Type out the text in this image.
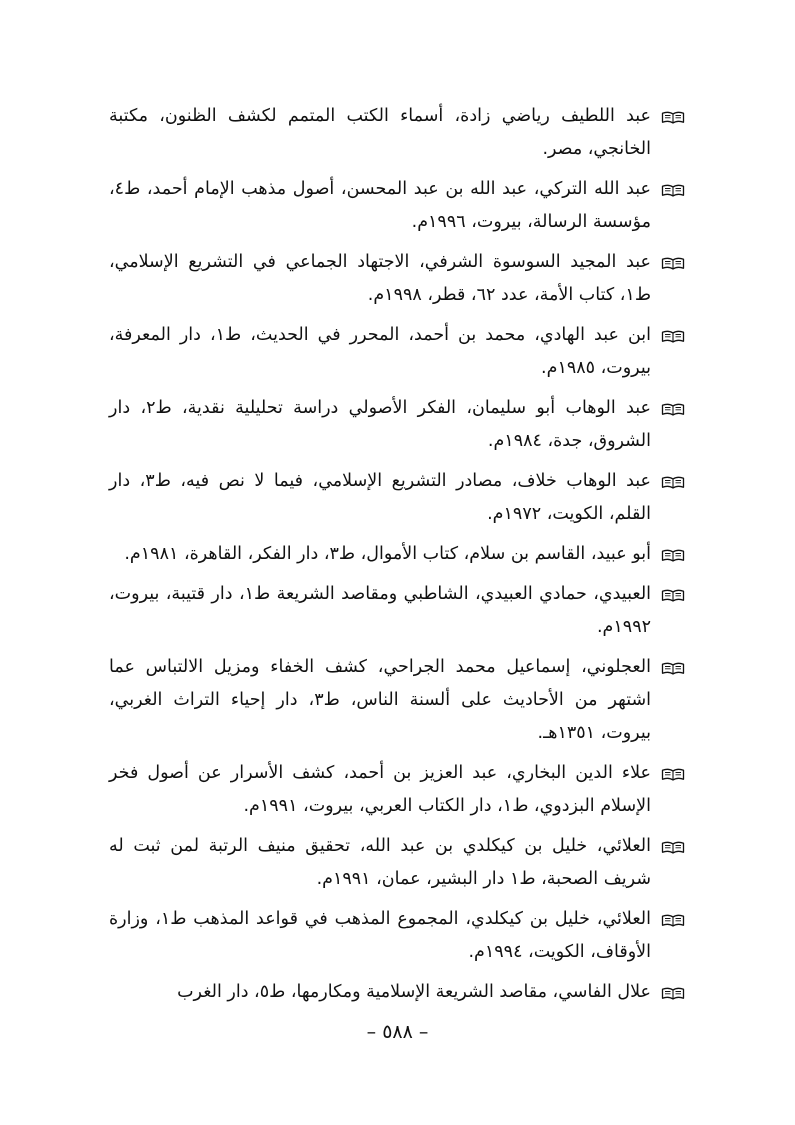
عبد اللطيف رياضي زادة، أسماء الكتب المتمم لكشف الظنون، مكتبة الخانجي، مصر.
عبد الله التركي، عبد الله بن عبد المحسن، أصول مذهب الإمام أحمد، ط٤، مؤسسة الرسالة، بيروت، ١٩٩٦م.
عبد المجيد السوسوة الشرفي، الاجتهاد الجماعي في التشريع الإسلامي، ط١، كتاب الأمة، عدد ٦٢، قطر، ١٩٩٨م.
ابن عبد الهادي، محمد بن أحمد، المحرر في الحديث، ط١، دار المعرفة، بيروت، ١٩٨٥م.
عبد الوهاب أبو سليمان، الفكر الأصولي دراسة تحليلية نقدية، ط٢، دار الشروق، جدة، ١٩٨٤م.
عبد الوهاب خلاف، مصادر التشريع الإسلامي، فيما لا نص فيه، ط٣، دار القلم، الكويت، ١٩٧٢م.
أبو عبيد، القاسم بن سلام، كتاب الأموال، ط٣، دار الفكر، القاهرة، ١٩٨١م.
العبيدي، حمادي العبيدي، الشاطبي ومقاصد الشريعة ط١، دار قتيبة، بيروت، ١٩٩٢م.
العجلوني، إسماعيل محمد الجراحي، كشف الخفاء ومزيل الالتباس عما اشتهر من الأحاديث على ألسنة الناس، ط٣، دار إحياء التراث الغربي، بيروت، ١٣٥١هـ.
علاء الدين البخاري، عبد العزيز بن أحمد، كشف الأسرار عن أصول فخر الإسلام البزدوي، ط١، دار الكتاب العربي، بيروت، ١٩٩١م.
العلائي، خليل بن كيكلدي بن عبد الله، تحقيق منيف الرتبة لمن ثبت له شريف الصحبة، ط١ دار البشير، عمان، ١٩٩١م.
العلائي، خليل بن كيكلدي، المجموع المذهب في قواعد المذهب ط١، وزارة الأوقاف، الكويت، ١٩٩٤م.
علال الفاسي، مقاصد الشريعة الإسلامية ومكارمها، ط٥، دار الغرب
– ٥٨٨ –
